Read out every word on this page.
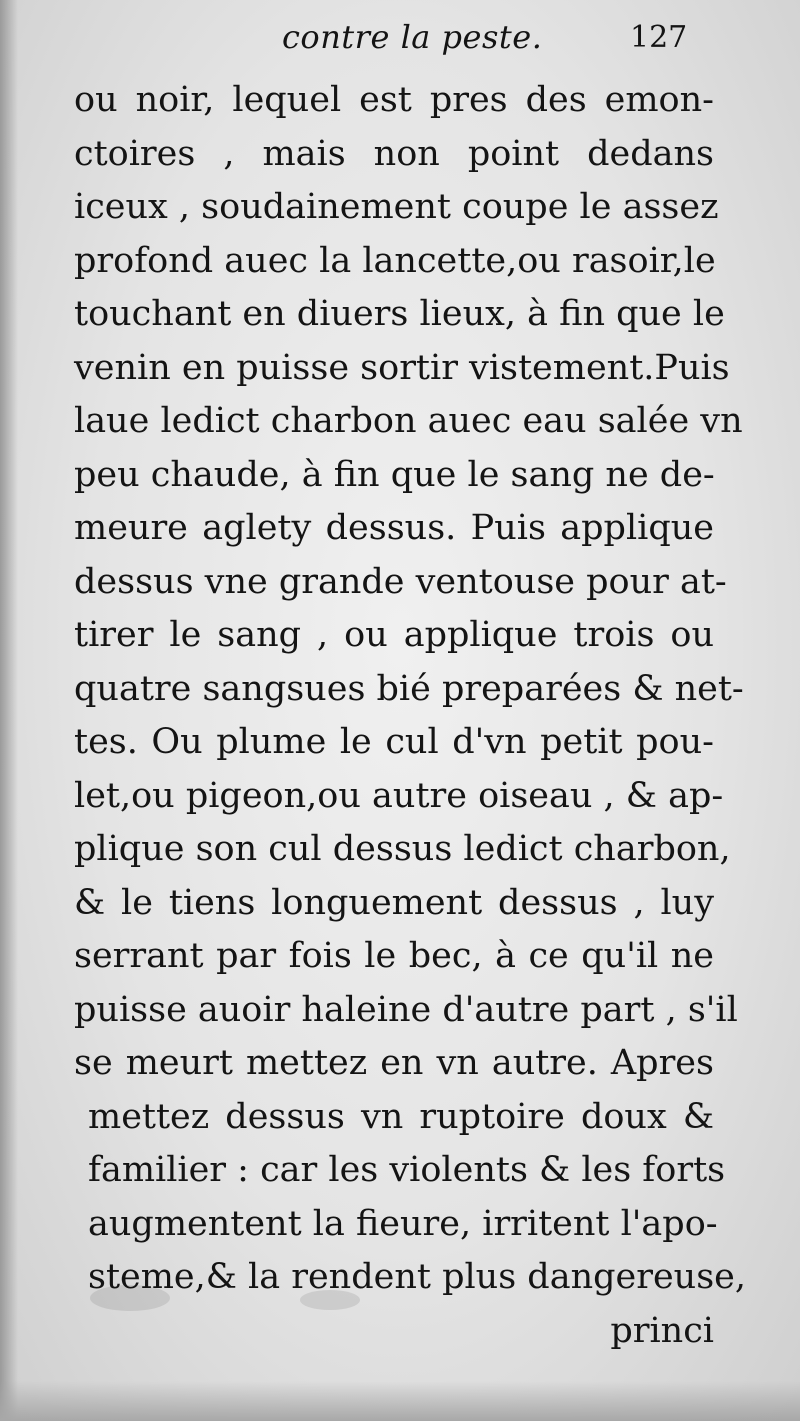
contre la peste.	127
ou noir, lequel est pres des emon-
ctoires , mais non point dedans
iceux , soudainement coupe le assez
profond auec la lancette,ou rasoir,le
touchant en diuers lieux, à fin que le
venin en puisse sortir vistement.Puis
laue ledict charbon auec eau salée vn
peu chaude, à fin que le sang ne de-
meure aglety dessus. Puis applique
dessus vne grande ventouse pour at-
tirer le sang , ou applique trois ou
quatre sangsues bié preparées & net-
tes. Ou plume le cul d'vn petit pou-
let,ou pigeon,ou autre oiseau , & ap-
plique son cul dessus ledict charbon,
& le tiens longuement dessus , luy
serrant par fois le bec, à ce qu'il ne
puisse auoir haleine d'autre part , s'il
se meurt mettez en vn autre. Apres
mettez dessus vn ruptoire doux &
familier : car les violents & les forts
augmentent la fieure, irritent l'apo-
steme,& la rendent plus dangereuse,
princi
